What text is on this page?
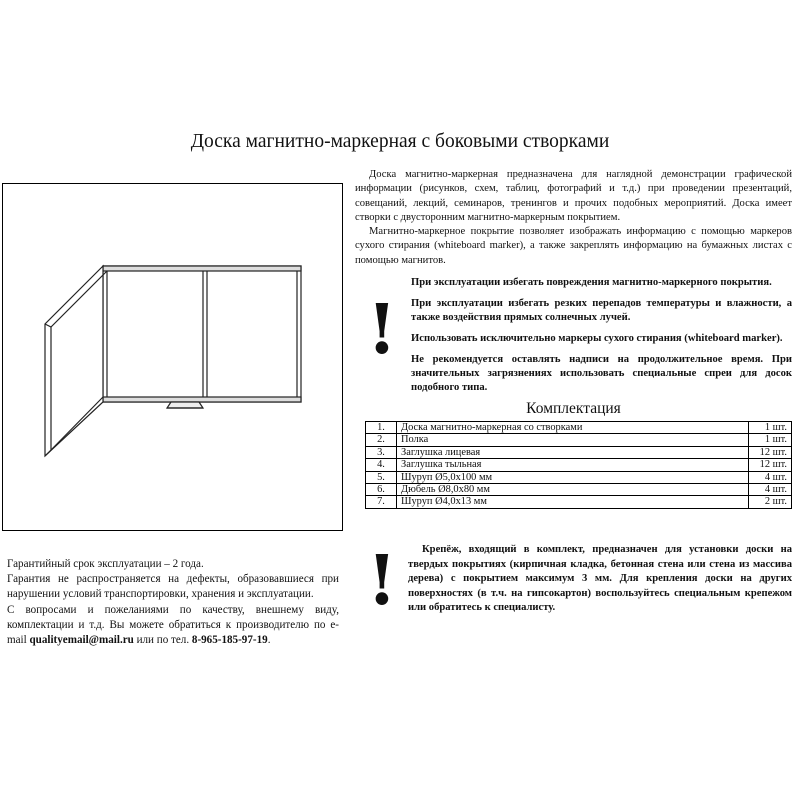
Доска магнитно-маркерная с боковыми створками

Доска магнитно-маркерная предназначена для наглядной демонстрации графической информации (рисунков, схем, таблиц, фотографий и т.д.) при проведении презентаций, совещаний, лекций, семинаров, тренингов и прочих подобных мероприятий. Доска имеет створки с двусторонним магнитно-маркерным покрытием.

Магнитно-маркерное покрытие позволяет изображать информацию с помощью маркеров сухого стирания (whiteboard marker), а также закреплять информацию на бумажных листах с помощью магнитов.

!

При эксплуатации избегать повреждения магнитно-маркерного покрытия.

При эксплуатации избегать резких перепадов температуры и влажности, а также воздействия прямых солнечных лучей.

Использовать исключительно маркеры сухого стирания (whiteboard marker).

Не рекомендуется оставлять надписи на продолжительное время. При значительных загрязнениях использовать специальные спреи для досок подобного типа.

Комплектация
1.	Доска магнитно-маркерная со створками	1 шт.
2.	Полка	1 шт.
3.	Заглушка лицевая	12 шт.
4.	Заглушка тыльная	12 шт.
5.	Шуруп Ø5,0х100 мм	4 шт.
6.	Дюбель Ø8,0х80 мм	4 шт.
7.	Шуруп Ø4,0х13 мм	2 шт.

Гарантийный срок эксплуатации – 2 года.

Гарантия не распространяется на дефекты, образовавшиеся при нарушении условий транспортировки, хранения и эксплуатации.

С вопросами и пожеланиями по качеству, внешнему виду, комплектации и т.д. Вы можете обратиться к производителю по e-mail qualityemail@mail.ru или по тел. 8-965-185-97-19.

!	Крепёж, входящий в комплект, предназначен для установки доски на твердых покрытиях (кирпичная кладка, бетонная стена или стена из массива дерева) с покрытием максимум 3 мм. Для крепления доски на других поверхностях (в т.ч. на гипсокартон) воспользуйтесь специальным крепежом или обратитесь к специалисту.
